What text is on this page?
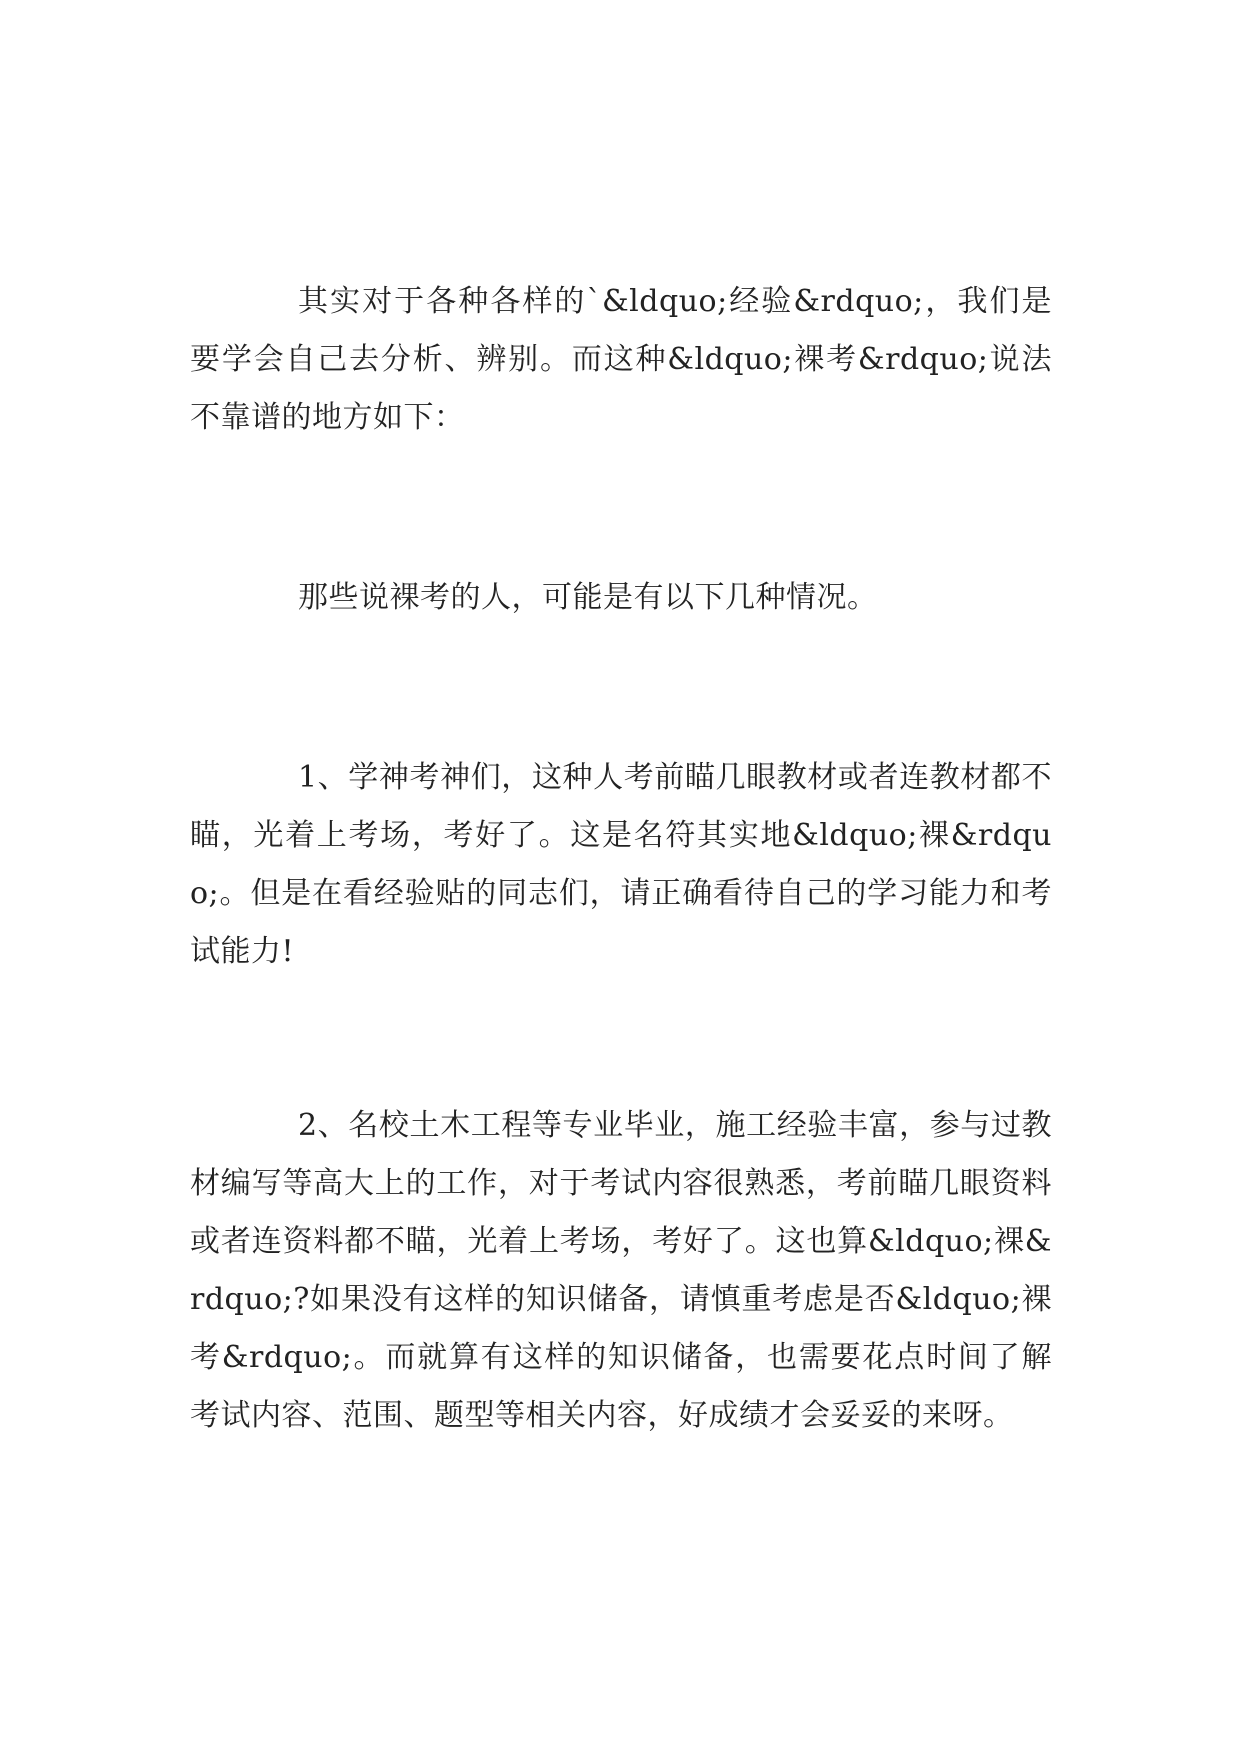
其实对于各种各样的`&ldquo;经验&rdquo;，我们是要学会自己去分析、辨别。而这种&ldquo;裸考&rdquo;说法不靠谱的地方如下：

那些说裸考的人，可能是有以下几种情况。

1、学神考神们，这种人考前瞄几眼教材或者连教材都不瞄，光着上考场，考好了。这是名符其实地&ldquo;裸&rdquo;。但是在看经验贴的同志们，请正确看待自己的学习能力和考试能力!

2、名校土木工程等专业毕业，施工经验丰富，参与过教材编写等高大上的工作，对于考试内容很熟悉，考前瞄几眼资料或者连资料都不瞄，光着上考场，考好了。这也算&ldquo;裸&rdquo;?如果没有这样的知识储备，请慎重考虑是否&ldquo;裸考&rdquo;。而就算有这样的知识储备，也需要花点时间了解考试内容、范围、题型等相关内容，好成绩才会妥妥的来呀。
